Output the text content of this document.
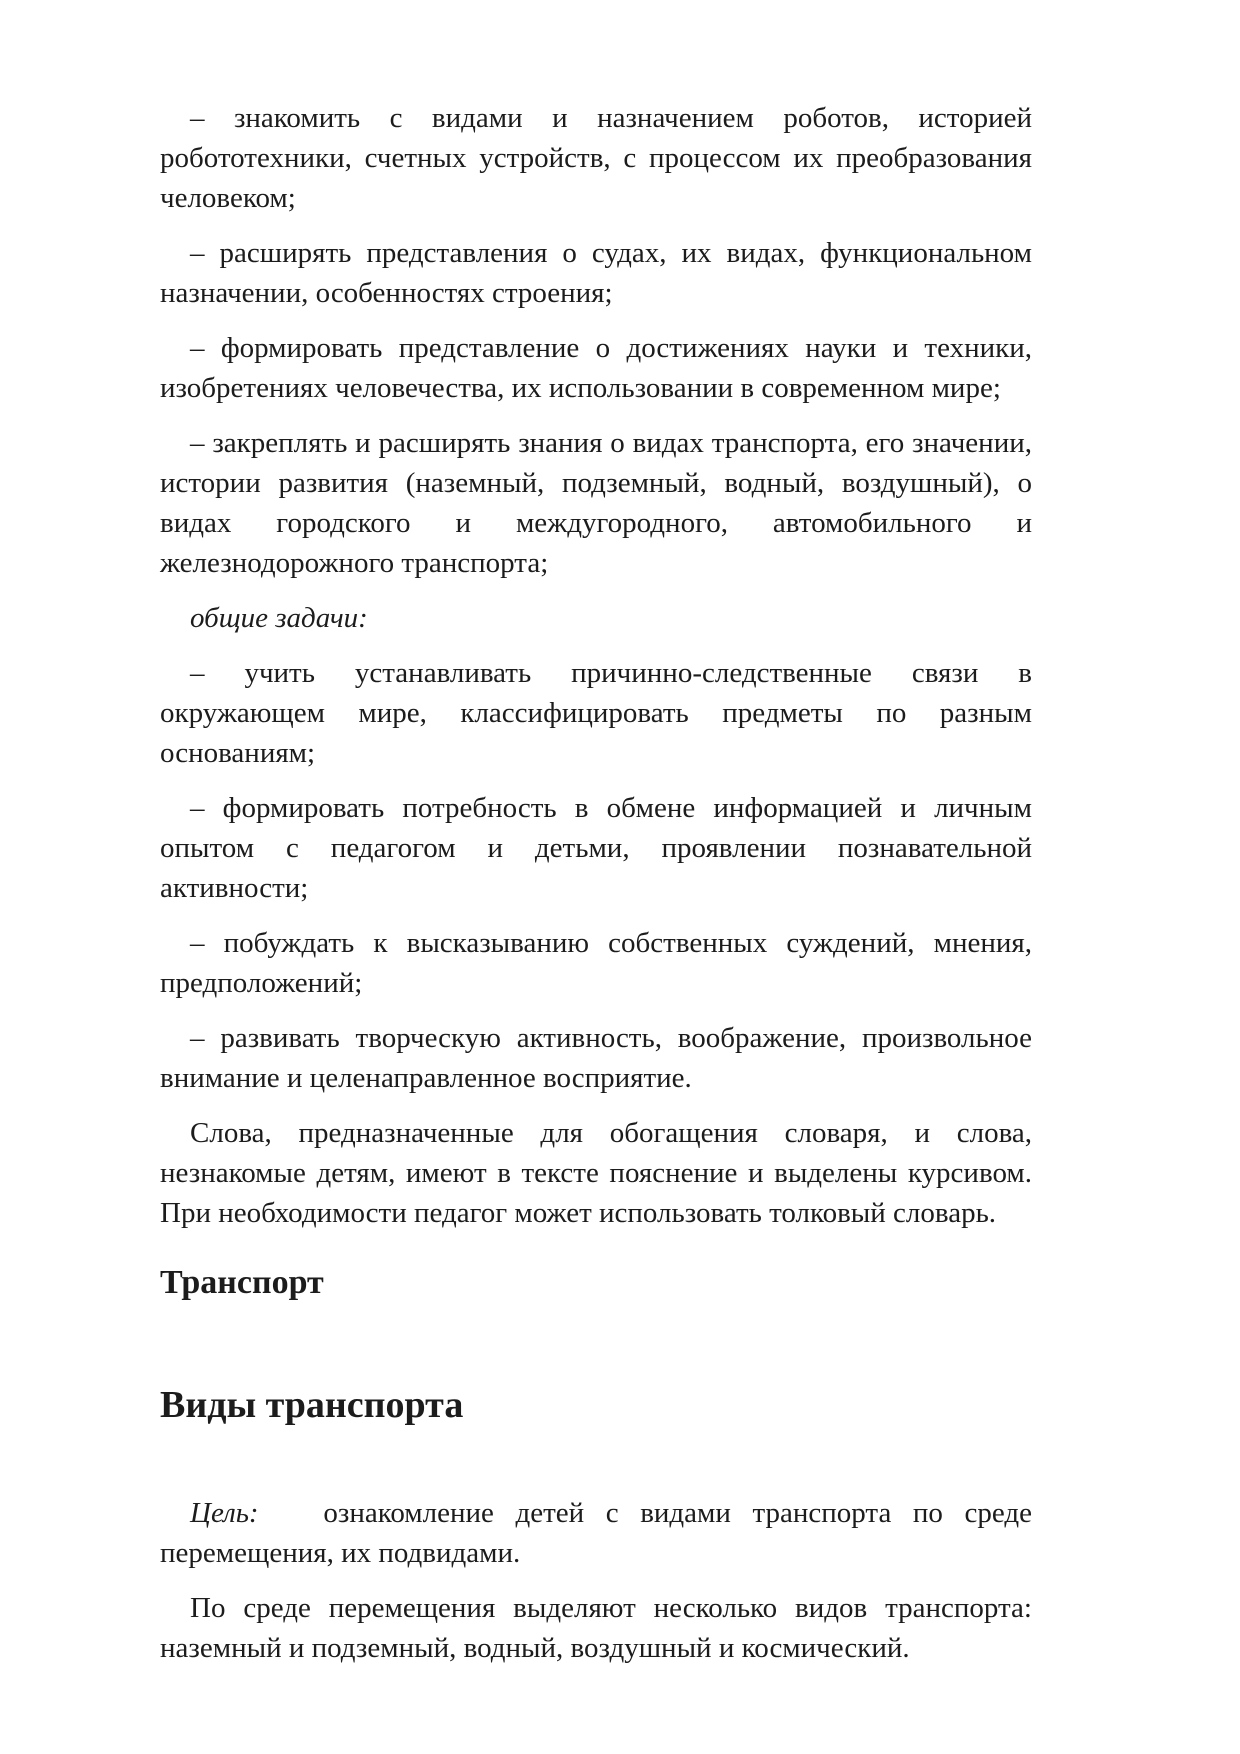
– знакомить с видами и назначением роботов, историей робототехники, счетных устройств, с процессом их преобразования человеком;

– расширять представления о судах, их видах, функциональном назначении, особенностях строения;

– формировать представление о достижениях науки и техники, изобретениях человечества, их использовании в современном мире;

– закреплять и расширять знания о видах транспорта, его значении, истории развития (наземный, подземный, водный, воздушный), о видах городского и междугородного, автомобильного и железнодорожного транспорта;

общие задачи:

– учить устанавливать причинно-следственные связи в окружающем мире, классифицировать предметы по разным основаниям;

– формировать потребность в обмене информацией и личным опытом с педагогом и детьми, проявлении познавательной активности;

– побуждать к высказыванию собственных суждений, мнения, предположений;

– развивать творческую активность, воображение, произвольное внимание и целенаправленное восприятие.

Слова, предназначенные для обогащения словаря, и слова, незнакомые детям, имеют в тексте пояснение и выделены курсивом. При необходимости педагог может использовать толковый словарь.

Транспорт
Виды транспорта

Цель: ознакомление детей с видами транспорта по среде перемещения, их подвидами.

По среде перемещения выделяют несколько видов транспорта: наземный и подземный, водный, воздушный и космический.
